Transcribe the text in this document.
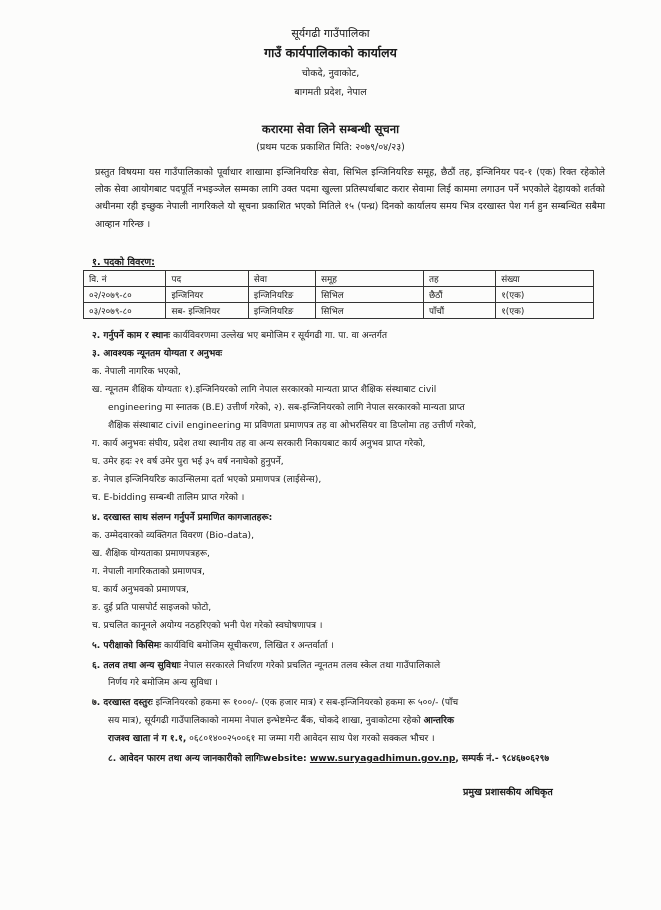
सूर्यगढी गाउँपालिका
गाउँ कार्यपालिकाको कार्यालय
चोकदे, नुवाकोट,
बागमती प्रदेश, नेपाल
करारमा सेवा लिने सम्बन्धी सूचना
(प्रथम पटक प्रकाशित मिति: २०७९/०४/२३)
प्रस्तुत विषयमा यस गाउँपालिकाको पूर्वाधार शाखामा इन्जिनियरिङ सेवा, सिभिल इन्जिनियरिङ समूह, छैठौं तह, इन्जिनियर पद-१ (एक) रिक्त रहेकोले लोक सेवा आयोगबाट पदपूर्ति नभइञ्जेल सम्मका लागि उक्त पदमा खुल्ला प्रतिस्पर्धाबाट करार सेवामा लिई काममा लगाउन पर्ने भएकोले देहायको शर्तको अधीनमा रही इच्छुक नेपाली नागरिकले यो सूचना प्रकाशित भएको मितिले १५ (पन्ध्र) दिनको कार्यालय समय भित्र दरखास्त पेश गर्न हुन सम्बन्धित सबैमा आव्हान गरिन्छ ।
१. पदको विवरण:
वि. नं	पद	सेवा	समूह	तह	संख्या
०२/२०७९-८०	इन्जिनियर	इन्जिनियरिङ	सिभिल	छैठौं	१(एक)
०३/२०७९-८०	सब- इन्जिनियर	इन्जिनियरिङ	सिभिल	पाँचौं	१(एक)
२. गर्नुपर्ने काम र स्थानः कार्यविवरणमा उल्लेख भए बमोजिम र सूर्यगढी गा. पा. वा अन्तर्गत
३. आवश्यक न्यूनतम योग्यता र अनुभवः
क. नेपाली नागरिक भएको,
ख. न्यूनतम शैक्षिक योग्यताः १).इन्जिनियरको लागि नेपाल सरकारको मान्यता प्राप्त शैक्षिक संस्थाबाट civil
engineering मा स्नातक (B.E) उत्तीर्ण गरेको, २). सब-इन्जिनियरको लागि नेपाल सरकारको मान्यता प्राप्त
शैक्षिक संस्थाबाट civil engineering मा प्रविणता प्रमाणपत्र तह वा ओभरसियर वा डिप्लोमा तह उत्तीर्ण गरेको,
ग. कार्य अनुभवः संघीय, प्रदेश तथा स्थानीय तह वा अन्य सरकारी निकायबाट कार्य अनुभव प्राप्त गरेको,
घ. उमेर हदः २१ वर्ष उमेर पुरा भई ३५ वर्ष ननाघेको हुनुपर्ने,
ङ. नेपाल इन्जिनियरिङ काउन्सिलमा दर्ता भएको प्रमाणपत्र (लाईसेन्स),
च. E-bidding सम्बन्धी तालिम प्राप्त गरेको ।
४. दरखास्त साथ संलग्न गर्नुपर्ने प्रमाणित कागजातहरू:
क. उम्मेदवारको व्यक्तिगत विवरण (Bio-data),
ख. शैक्षिक योग्यताका प्रमाणपत्रहरू,
ग. नेपाली नागरिकताको प्रमाणपत्र,
घ. कार्य अनुभवको प्रमाणपत्र,
ङ. दुई प्रति पासपोर्ट साइजको फोटो,
च. प्रचलित कानूनले अयोग्य नठहरिएको भनी पेश गरेको स्वघोषणापत्र ।
५. परीक्षाको किसिमः कार्यविधि बमोजिम सूचीकरण, लिखित र अन्तर्वार्ता ।
६. तलव तथा अन्य सुविधाः नेपाल सरकारले निर्धारण गरेको प्रचलित न्यूनतम तलव स्केल तथा गाउँपालिकाले
निर्णय गरे बमोजिम अन्य सुविधा ।
७. दरखास्त दस्तुरः इन्जिनियरको हकमा रू १०००/- (एक हजार मात्र) र सब-इन्जिनियरको हकमा रू ५००/- (पाँच
सय मात्र), सूर्यगढी गाउँपालिकाको नाममा नेपाल इन्भेष्टमेन्ट बैंक, चोकदे शाखा, नुवाकोटमा रहेको आन्तरिक
राजश्व खाता नं ग १.१, ०६८०१४००२५००६१ मा जम्मा गरी आवेदन साथ पेश गरको सक्कल भौचर ।
८. आवेदन फारम तथा अन्य जानकारीको लागिःwebsite: www.suryagadhimun.gov.np, सम्पर्क नं.- ९८४६७०६२९७
प्रमुख प्रशासकीय अधिकृत
